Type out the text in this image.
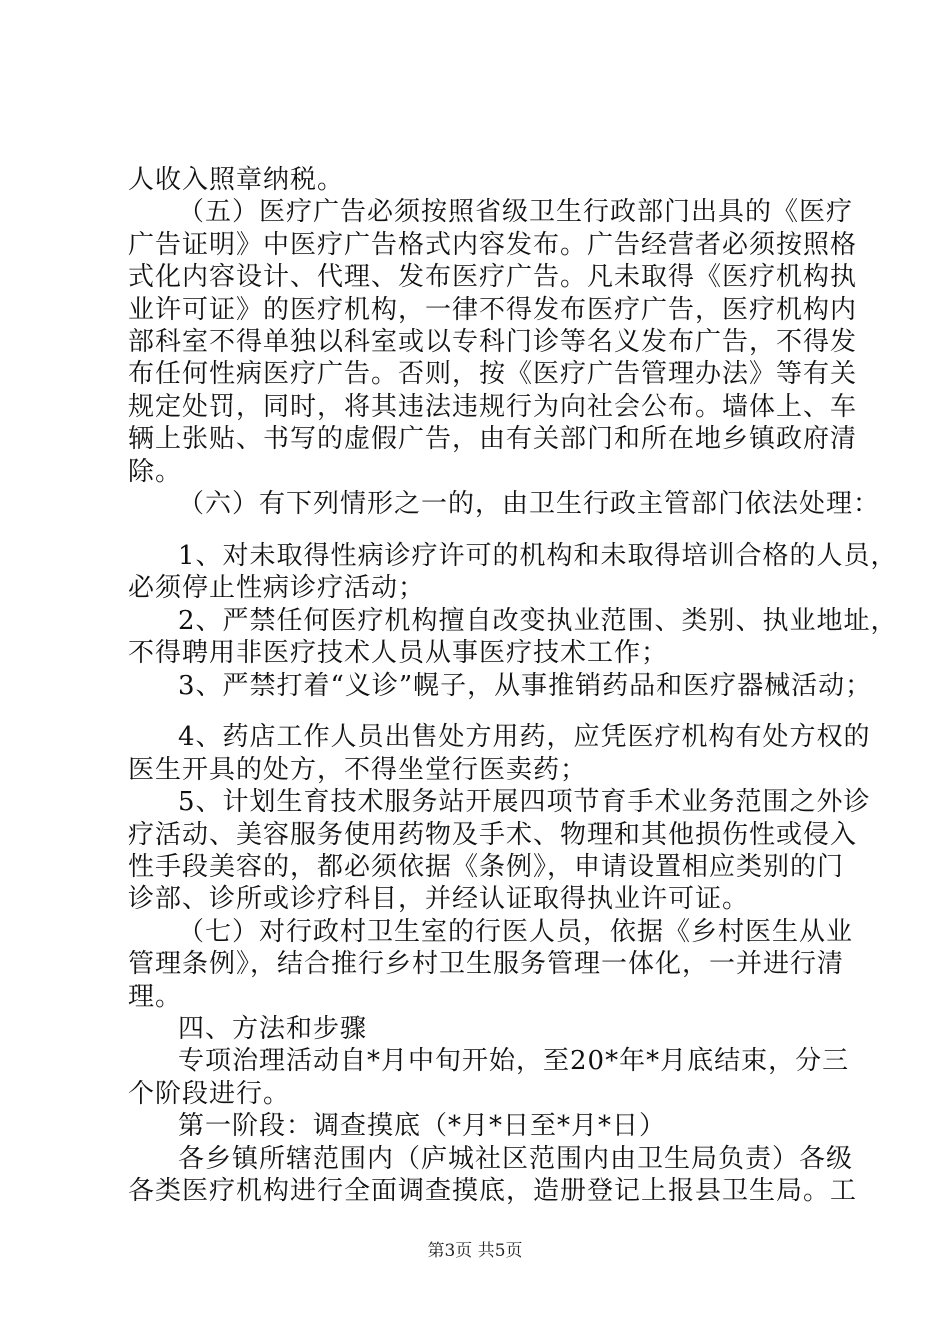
人收入照章纳税。
（五）医疗广告必须按照省级卫生行政部门出具的《医疗
广告证明》中医疗广告格式内容发布。广告经营者必须按照格
式化内容设计、代理、发布医疗广告。凡未取得《医疗机构执
业许可证》的医疗机构，一律不得发布医疗广告，医疗机构内
部科室不得单独以科室或以专科门诊等名义发布广告，不得发
布任何性病医疗广告。否则，按《医疗广告管理办法》等有关
规定处罚，同时，将其违法违规行为向社会公布。墙体上、车
辆上张贴、书写的虚假广告，由有关部门和所在地乡镇政府清
除。
（六）有下列情形之一的，由卫生行政主管部门依法处理：
1、对未取得性病诊疗许可的机构和未取得培训合格的人员，
必须停止性病诊疗活动；
2、严禁任何医疗机构擅自改变执业范围、类别、执业地址，
不得聘用非医疗技术人员从事医疗技术工作；
3、严禁打着“义诊”幌子，从事推销药品和医疗器械活动；
4、药店工作人员出售处方用药，应凭医疗机构有处方权的
医生开具的处方，不得坐堂行医卖药；
5、计划生育技术服务站开展四项节育手术业务范围之外诊
疗活动、美容服务使用药物及手术、物理和其他损伤性或侵入
性手段美容的，都必须依据《条例》，申请设置相应类别的门
诊部、诊所或诊疗科目，并经认证取得执业许可证。
（七）对行政村卫生室的行医人员，依据《乡村医生从业
管理条例》，结合推行乡村卫生服务管理一体化，一并进行清
理。
四、方法和步骤
专项治理活动自*月中旬开始，至20*年*月底结束，分三
个阶段进行。
第一阶段：调查摸底（*月*日至*月*日）
各乡镇所辖范围内（庐城社区范围内由卫生局负责）各级
各类医疗机构进行全面调查摸底，造册登记上报县卫生局。工
第3页 共5页
